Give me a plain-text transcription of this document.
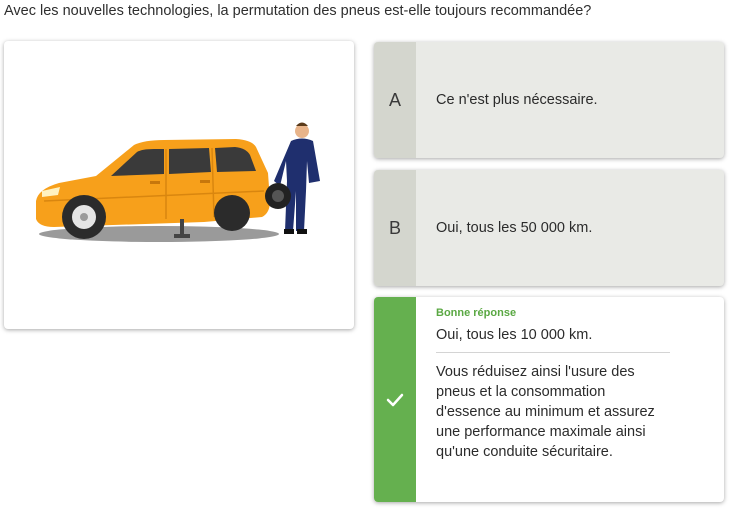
Avec les nouvelles technologies, la permutation des pneus est-elle toujours recommandée?
A	Ce n'est plus nécessaire.
B	Oui, tous les 50 000 km.
Bonne réponse
Oui, tous les 10 000 km.
Vous réduisez ainsi l'usure des pneus et la consommation d'essence au minimum et assurez une performance maximale ainsi qu'une conduite sécuritaire.
